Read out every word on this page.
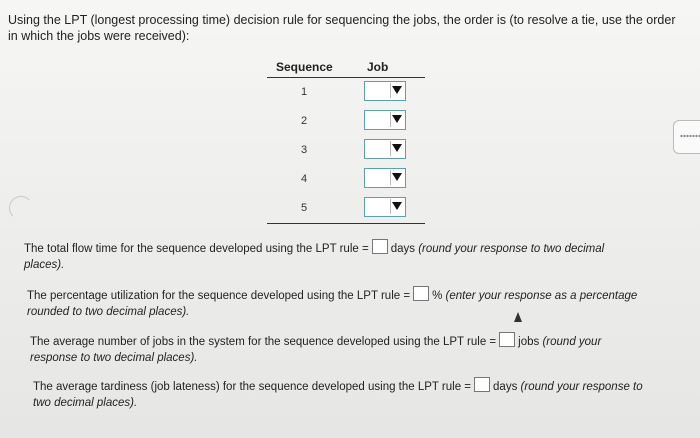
Using the LPT (longest processing time) decision rule for sequencing the jobs, the order is (to resolve a tie, use the order in which the jobs were received):
Sequence	Job
1
2
3
4
5
The total flow time for the sequence developed using the LPT rule = days (round your response to two decimal places).
The percentage utilization for the sequence developed using the LPT rule = % (enter your response as a percentage rounded to two decimal places).
The average number of jobs in the system for the sequence developed using the LPT rule = jobs (round your response to two decimal places).
The average tardiness (job lateness) for the sequence developed using the LPT rule = days (round your response to two decimal places).
